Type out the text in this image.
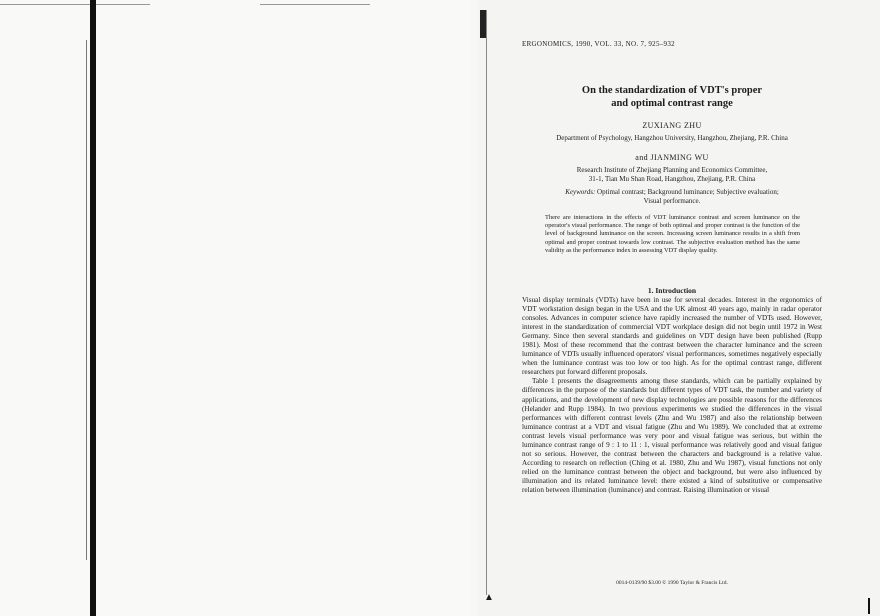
▲
ERGONOMICS, 1990, VOL. 33, NO. 7, 925–932
On the standardization of VDT's proper
and optimal contrast range
ZUXIANG ZHU
Department of Psychology, Hangzhou University, Hangzhou, Zhejiang, P.R. China
and JIANMING WU
Research Institute of Zhejiang Planning and Economics Committee,
31-1, Tian Mu Shan Road, Hangzhou, Zhejiang, P.R. China
Keywords: Optimal contrast; Background luminance; Subjective evaluation;
Visual performance.
There are interactions in the effects of VDT luminance contrast and screen luminance on the operator's visual performance. The range of both optimal and proper contrast is the function of the level of background luminance on the screen. Increasing screen luminance results in a shift from optimal and proper contrast towards low contrast. The subjective evaluation method has the same validity as the performance index in assessing VDT display quality.
1. Introduction

Visual display terminals (VDTs) have been in use for several decades. Interest in the ergonomics of VDT workstation design began in the USA and the UK almost 40 years ago, mainly in radar operator consoles. Advances in computer science have rapidly increased the number of VDTs used. However, interest in the standardization of commercial VDT workplace design did not begin until 1972 in West Germany. Since then several standards and guidelines on VDT design have been published (Rupp 1981). Most of these recommend that the contrast between the character luminance and the screen luminance of VDTs usually influenced operators' visual performances, sometimes negatively especially when the luminance contrast was too low or too high. As for the optimal contrast range, different researchers put forward different proposals.

Table 1 presents the disagreements among these standards, which can be partially explained by differences in the purpose of the standards but different types of VDT task, the number and variety of applications, and the development of new display technologies are possible reasons for the differences (Helander and Rupp 1984). In two previous experiments we studied the differences in the visual performances with different contrast levels (Zhu and Wu 1987) and also the relationship between luminance contrast at a VDT and visual fatigue (Zhu and Wu 1989). We concluded that at extreme contrast levels visual performance was very poor and visual fatigue was serious, but within the luminance contrast range of 9 : 1 to 11 : 1, visual performance was relatively good and visual fatigue not so serious. However, the contrast between the characters and background is a relative value. According to research on reflection (Ching et al. 1980, Zhu and Wu 1987), visual functions not only relied on the luminance contrast between the object and background, but were also influenced by illumination and its related luminance level: there existed a kind of substitutive or compensative relation between illumination (luminance) and contrast. Raising illumination or visual

0014-0139/90 $3.00 © 1990 Taylor & Francis Ltd.
